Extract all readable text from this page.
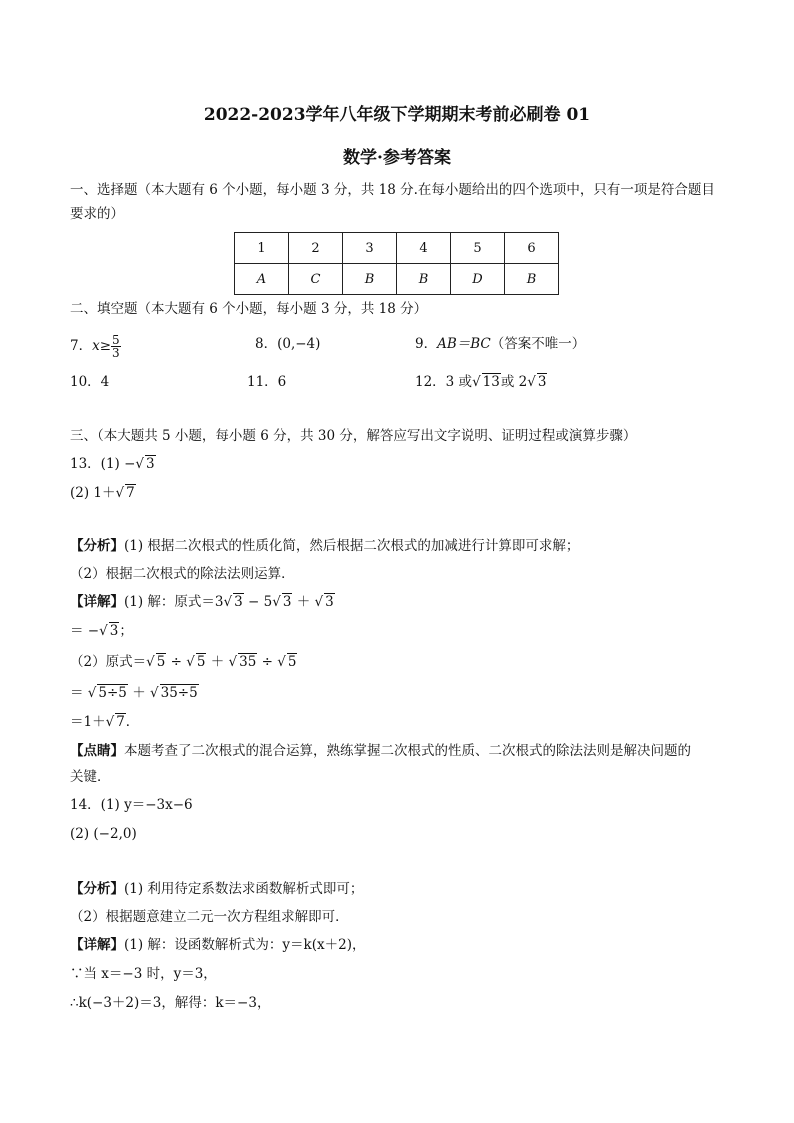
2022-2023学年八年级下学期期末考前必刷卷 01
数学·参考答案
一、选择题（本大题有 6 个小题，每小题 3 分，共 18 分.在每小题给出的四个选项中，只有一项是符合题目
要求的）
1	2	3	4	5	6
A	C	B	B	D	B
二、填空题（本大题有 6 个小题，每小题 3 分，共 18 分）
7．$x\ge \frac{5}{3}$	8．(0,−4)	9．AB＝BC（答案不唯一）
10．4	11．6	12．3 或 √ 13或 2 √ 3
三、（本大题共 5 小题，每小题 6 分，共 30 分，解答应写出文字说明、证明过程或演算步骤）
13．(1) − √ 3
(2) 1＋ √ 7
【分析】(1) 根据二次根式的性质化简，然后根据二次根式的加减进行计算即可求解；
（2）根据二次根式的除法法则运算．
【详解】(1) 解：原式＝3 √ 3 − 5 √ 3 ＋ √ 3
＝ − √ 3；
（2）原式＝ √ 5 ÷ √ 5 ＋ √ 35 ÷ √ 5
＝ √ 5÷5 ＋ √ 35÷5
＝1＋ √ 7．
【点睛】本题考查了二次根式的混合运算，熟练掌握二次根式的性质、二次根式的除法法则是解决问题的
关键．
14．(1) y＝−3x−6
(2) (−2,0)
【分析】(1) 利用待定系数法求函数解析式即可；
（2）根据题意建立二元一次方程组求解即可．
【详解】(1) 解：设函数解析式为：y＝k(x＋2)，
∵当 x＝−3 时，y＝3，
∴k(−3＋2)＝3，解得：k＝−3，
